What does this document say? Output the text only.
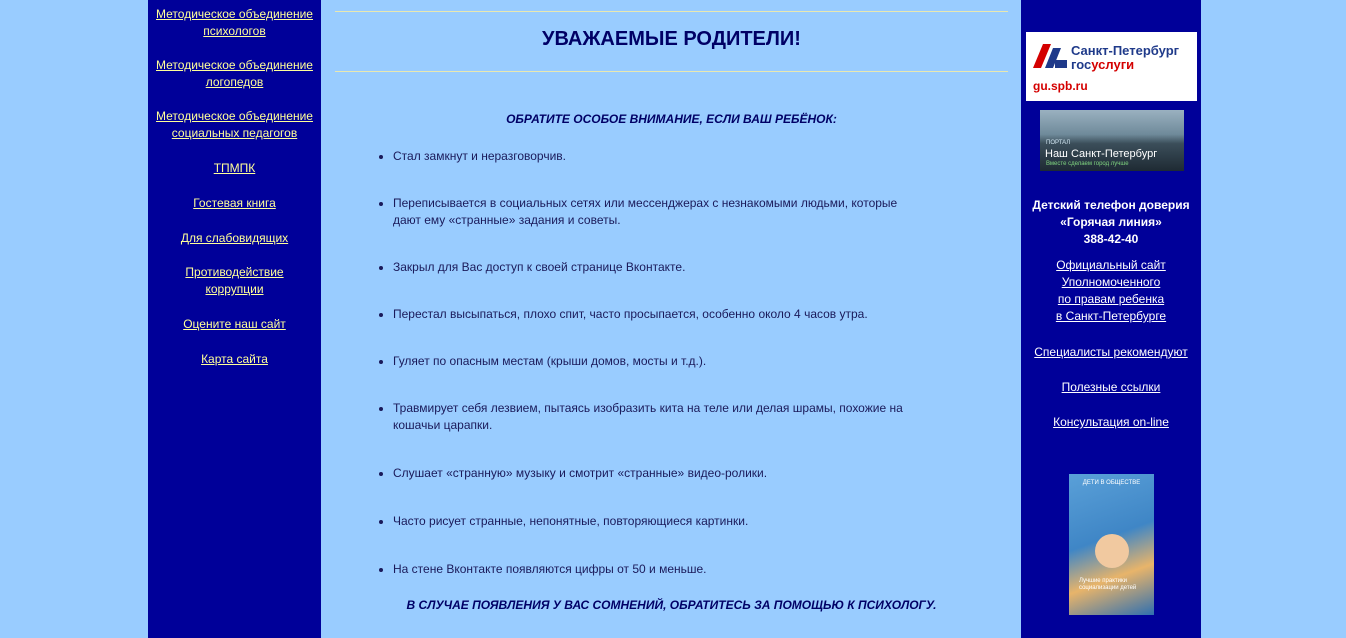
Методическое объединение психологов
Методическое объединение логопедов
Методическое объединение социальных педагогов
ТПМПК
Гостевая книга
Для слабовидящих
Противодействие коррупции
Оцените наш сайт
Карта сайта
УВАЖАЕМЫЕ РОДИТЕЛИ!
ОБРАТИТЕ ОСОБОЕ ВНИМАНИЕ, ЕСЛИ ВАШ РЕБЁНОК:
Стал замкнут и неразговорчив.
Переписывается в социальных сетях или мессенджерах с незнакомыми людьми, которые дают ему «странные» задания и советы.
Закрыл для Вас доступ к своей странице Вконтакте.
Перестал высыпаться, плохо спит, часто просыпается, особенно около 4 часов утра.
Гуляет по опасным местам (крыши домов, мосты и т.д.).
Травмирует себя лезвием, пытаясь изобразить кита на теле или делая шрамы, похожие на кошачьи царапки.
Слушает «странную» музыку и смотрит «странные» видео-ролики.
Часто рисует странные, непонятные, повторяющиеся картинки.
На стене Вконтакте появляются цифры от 50 и меньше.
В СЛУЧАЕ ПОЯВЛЕНИЯ У ВАС СОМНЕНИЙ, ОБРАТИТЕСЬ ЗА ПОМОЩЬЮ К ПСИХОЛОГУ.
Санкт-Петербург
госуслуги
gu.spb.ru
ПОРТАЛ
Наш Санкт-Петербург
Вместе сделаем город лучше
Детский телефон доверия
«Горячая линия»
388-42-40
Официальный сайт
Уполномоченного
по правам ребенка
в Санкт-Петербурге
Специалисты рекомендуют
Полезные ссылки
Консультация on-line
ДЕТИ В ОБЩЕСТВЕ
Лучшие практики социализации детей
